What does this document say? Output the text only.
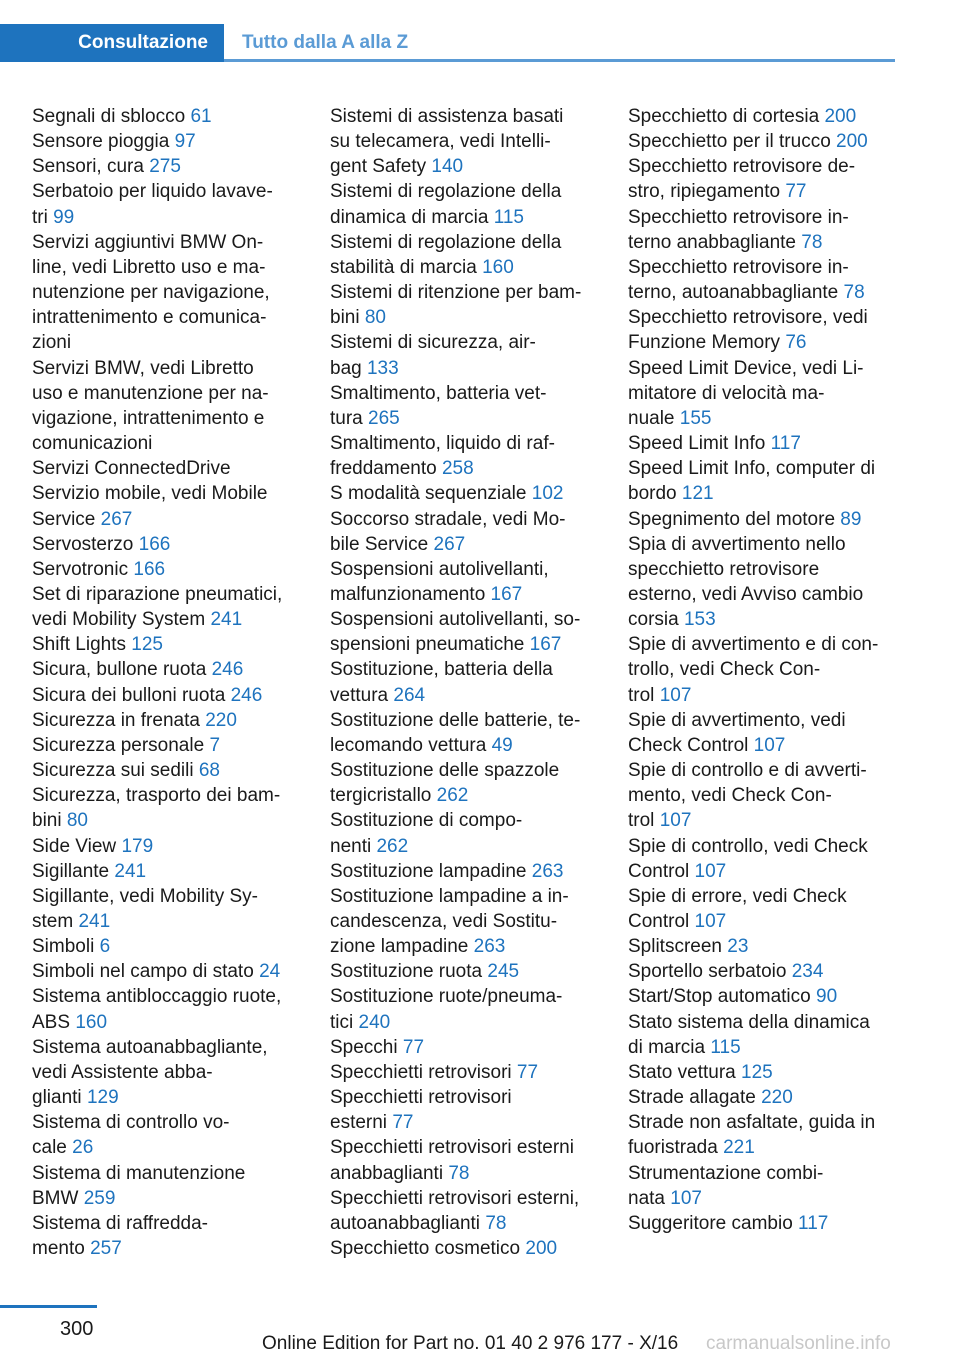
Consultazione	Tutto dalla A alla Z
Segnali di sblocco 61
Sensore pioggia 97
Sensori, cura 275
Serbatoio per liquido lavave-
tri 99
Servizi aggiuntivi BMW On-
line, vedi Libretto uso e ma-
nutenzione per navigazione,
intrattenimento e comunica-
zioni
Servizi BMW, vedi Libretto
uso e manutenzione per na-
vigazione, intrattenimento e
comunicazioni
Servizi ConnectedDrive
Servizio mobile, vedi Mobile
Service 267
Servosterzo 166
Servotronic 166
Set di riparazione pneumatici,
vedi Mobility System 241
Shift Lights 125
Sicura, bullone ruota 246
Sicura dei bulloni ruota 246
Sicurezza in frenata 220
Sicurezza personale 7
Sicurezza sui sedili 68
Sicurezza, trasporto dei bam-
bini 80
Side View 179
Sigillante 241
Sigillante, vedi Mobility Sy-
stem 241
Simboli 6
Simboli nel campo di stato 24
Sistema antibloccaggio ruote,
ABS 160
Sistema autoanabbagliante,
vedi Assistente abba-
glianti 129
Sistema di controllo vo-
cale 26
Sistema di manutenzione
BMW 259
Sistema di raffredda-
mento 257
Sistemi di assistenza basati
su telecamera, vedi Intelli-
gent Safety 140
Sistemi di regolazione della
dinamica di marcia 115
Sistemi di regolazione della
stabilità di marcia 160
Sistemi di ritenzione per bam-
bini 80
Sistemi di sicurezza, air-
bag 133
Smaltimento, batteria vet-
tura 265
Smaltimento, liquido di raf-
freddamento 258
S modalità sequenziale 102
Soccorso stradale, vedi Mo-
bile Service 267
Sospensioni autolivellanti,
malfunzionamento 167
Sospensioni autolivellanti, so-
spensioni pneumatiche 167
Sostituzione, batteria della
vettura 264
Sostituzione delle batterie, te-
lecomando vettura 49
Sostituzione delle spazzole
tergicristallo 262
Sostituzione di compo-
nenti 262
Sostituzione lampadine 263
Sostituzione lampadine a in-
candescenza, vedi Sostitu-
zione lampadine 263
Sostituzione ruota 245
Sostituzione ruote/pneuma-
tici 240
Specchi 77
Specchietti retrovisori 77
Specchietti retrovisori
esterni 77
Specchietti retrovisori esterni
anabbaglianti 78
Specchietti retrovisori esterni,
autoanabbaglianti 78
Specchietto cosmetico 200
Specchietto di cortesia 200
Specchietto per il trucco 200
Specchietto retrovisore de-
stro, ripiegamento 77
Specchietto retrovisore in-
terno anabbagliante 78
Specchietto retrovisore in-
terno, autoanabbagliante 78
Specchietto retrovisore, vedi
Funzione Memory 76
Speed Limit Device, vedi Li-
mitatore di velocità ma-
nuale 155
Speed Limit Info 117
Speed Limit Info, computer di
bordo 121
Spegnimento del motore 89
Spia di avvertimento nello
specchietto retrovisore
esterno, vedi Avviso cambio
corsia 153
Spie di avvertimento e di con-
trollo, vedi Check Con-
trol 107
Spie di avvertimento, vedi
Check Control 107
Spie di controllo e di avverti-
mento, vedi Check Con-
trol 107
Spie di controllo, vedi Check
Control 107
Spie di errore, vedi Check
Control 107
Splitscreen 23
Sportello serbatoio 234
Start/Stop automatico 90
Stato sistema della dinamica
di marcia 115
Stato vettura 125
Strade allagate 220
Strade non asfaltate, guida in
fuoristrada 221
Strumentazione combi-
nata 107
Suggeritore cambio 117
300
carmanualsonline.info
Online Edition for Part no. 01 40 2 976 177 - X/16
